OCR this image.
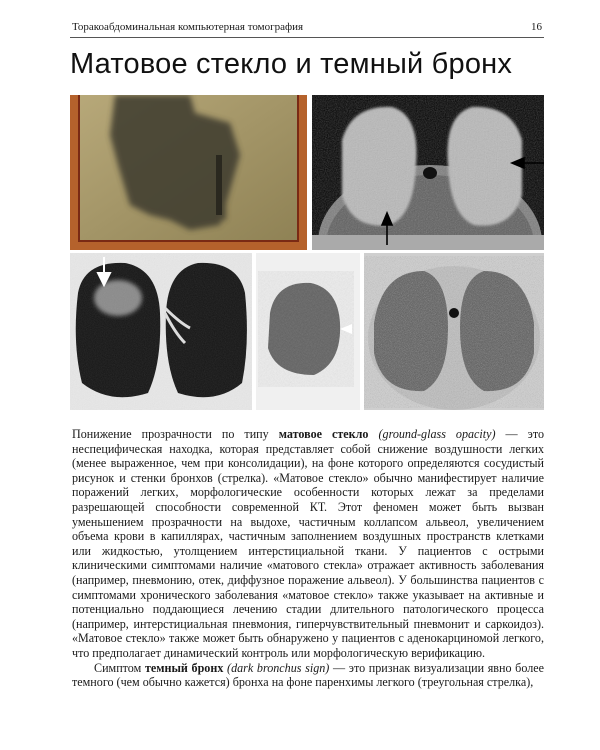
Торакоабдоминальная компьютерная томография	16
Матовое стекло и темный бронх

Понижение прозрачности по типу матовое стекло (ground-glass opacity) — это неспецифическая находка, которая представляет собой снижение воздушности легких (менее выраженное, чем при консолидации), на фоне которого определяются сосудистый рисунок и стенки бронхов (стрелка). «Матовое стекло» обычно манифестирует наличие поражений легких, морфологические особенности которых лежат за пределами разрешающей способности современной КТ. Этот феномен может быть вызван уменьшением прозрачности на выдохе, частичным коллапсом альвеол, увеличением объема крови в капиллярах, частичным заполнением воздушных пространств клетками или жидкостью, утолщением интерстициальной ткани. У пациентов с острыми клиническими симптомами наличие «матового стекла» отражает активность заболевания (например, пневмонию, отек, диффузное поражение альвеол). У большинства пациентов с симптомами хронического заболевания «матовое стекло» также указывает на активные и потенциально поддающиеся лечению стадии длительного патологического процесса (например, интерстициальная пневмония, гиперчувствительный пневмонит и саркоидоз). «Матовое стекло» также может быть обнаружено у пациентов с аденокарциномой легкого, что предполагает динамический контроль или морфологическую верификацию.

Симптом темный бронх (dark bronchus sign) — это признак визуализации явно более темного (чем обычно кажется) бронха на фоне паренхимы легкого (треугольная стрелка),
